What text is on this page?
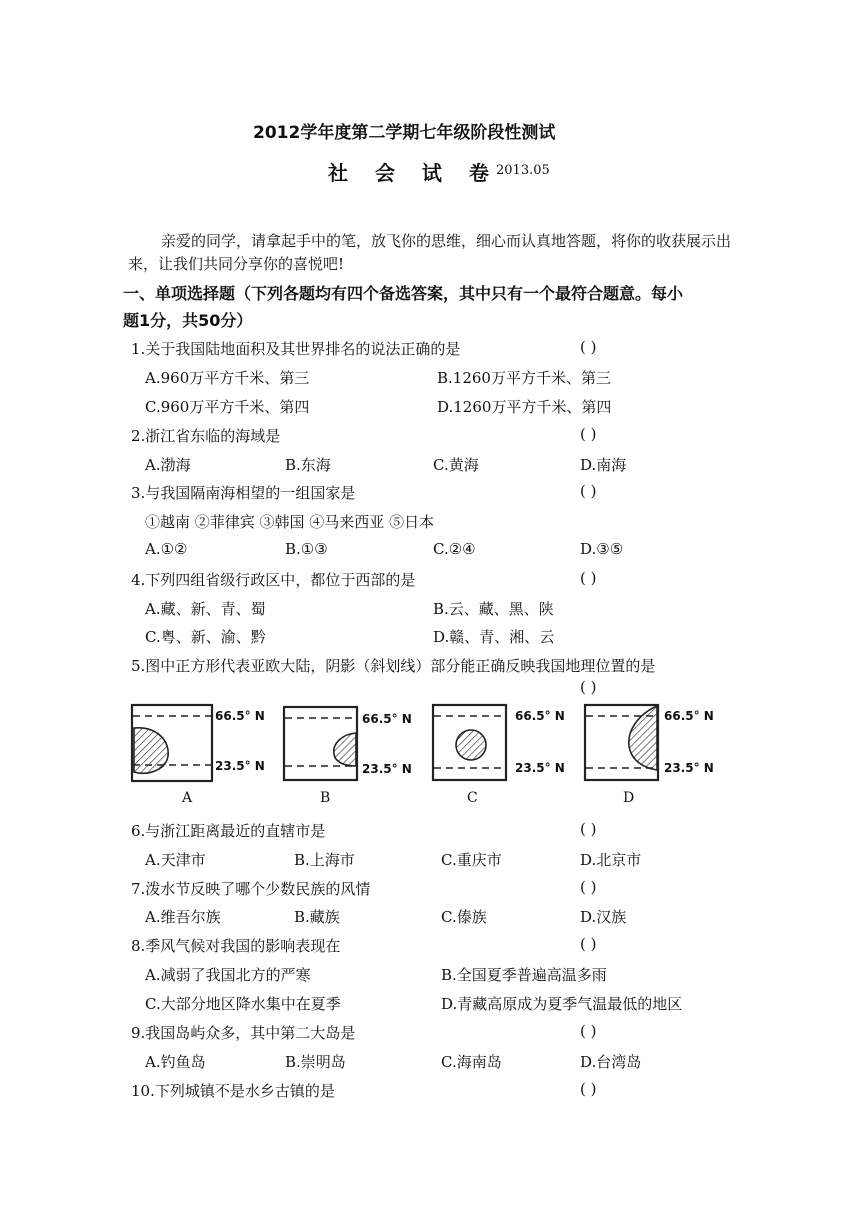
2012学年度第二学期七年级阶段性测试
社 会 试 卷
2013.05
亲爱的同学，请拿起手中的笔，放飞你的思维，细心而认真地答题，将你的收获展示出
来，让我们共同分享你的喜悦吧!
一、单项选择题（下列各题均有四个备选答案，其中只有一个最符合题意。每小
题1分，共50分）
1.关于我国陆地面积及其世界排名的说法正确的是	( )
A.960万平方千米、第三	B.1260万平方千米、第三
C.960万平方千米、第四	D.1260万平方千米、第四
2.浙江省东临的海域是	( )
A.渤海	B.东海	C.黄海	D.南海
3.与我国隔南海相望的一组国家是	( )
①越南 ②菲律宾 ③韩国 ④马来西亚 ⑤日本
A.①②	B.①③	C.②④	D.③⑤
4.下列四组省级行政区中，都位于西部的是	( )
A.藏、新、青、蜀	B.云、藏、黑、陕
C.粤、新、渝、黔	D.赣、青、湘、云
5.图中正方形代表亚欧大陆，阴影（斜划线）部分能正确反映我国地理位置的是
( )
66.5° N
23.5° N
66.5° N
23.5° N
66.5° N
23.5° N
66.5° N
23.5° N
A	B	C	D
6.与浙江距离最近的直辖市是	( )
A.天津市	B.上海市	C.重庆市	D.北京市
7.泼水节反映了哪个少数民族的风情	( )
A.维吾尔族	B.藏族	C.傣族	D.汉族
8.季风气候对我国的影响表现在	( )
A.减弱了我国北方的严寒	B.全国夏季普遍高温多雨
C.大部分地区降水集中在夏季	D.青藏高原成为夏季气温最低的地区
9.我国岛屿众多，其中第二大岛是	( )
A.钓鱼岛	B.崇明岛	C.海南岛	D.台湾岛
10.下列城镇不是水乡古镇的是	( )
